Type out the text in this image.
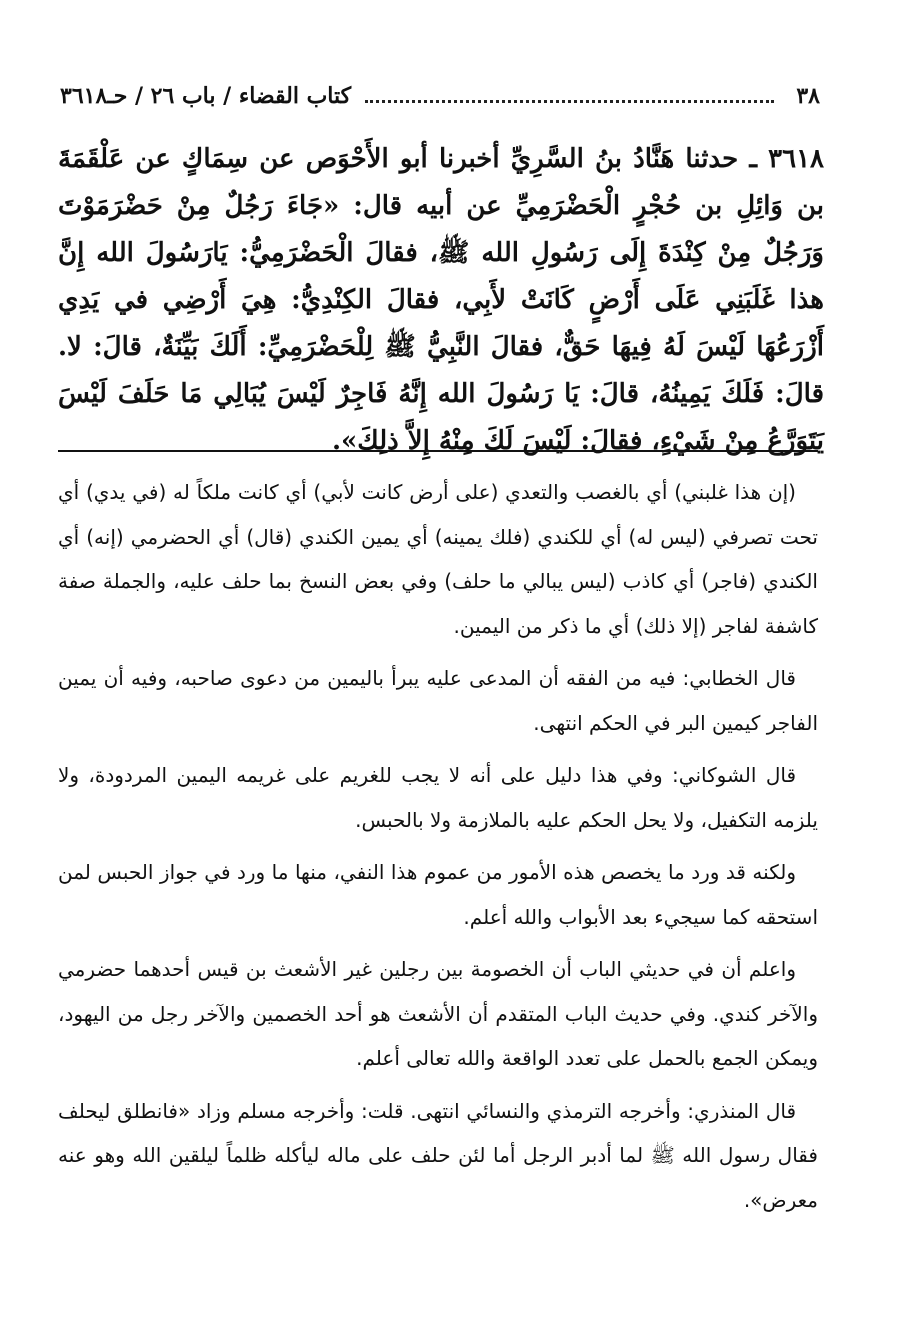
٣٨
كتاب القضاء / باب ٢٦ / حـ٣٦١٨
٣٦١٨ ـ حدثنا هَنَّادُ بنُ السَّرِيِّ أخبرنا أبو الأَحْوَص عن سِمَاكٍ عن عَلْقَمَةَ بن وَائِلِ بن حُجْرٍ الْحَضْرَمِيِّ عن أبيه قال: «جَاءَ رَجُلٌ مِنْ حَضْرَمَوْتَ وَرَجُلٌ مِنْ كِنْدَةَ إِلَى رَسُولِ الله ﷺ، فقالَ الْحَضْرَمِيُّ: يَارَسُولَ الله إِنَّ هذا غَلَبَنِي عَلَى أَرْضٍ كَانَتْ لأَبِي، فقالَ الكِنْدِيُّ: هِيَ أَرْضِي في يَدِي أَزْرَعُهَا لَيْسَ لَهُ فِيهَا حَقٌّ، فقالَ النَّبِيُّ ﷺ لِلْحَضْرَمِيِّ: أَلَكَ بَيِّنَةٌ، قالَ: لا. قالَ: فَلَكَ يَمِينُهُ، قالَ: يَا رَسُولَ الله إِنَّهُ فَاجِرٌ لَيْسَ يُبَالِي مَا حَلَفَ لَيْسَ يَتَوَرَّعُ مِنْ شَيْءٍ، فقالَ: لَيْسَ لَكَ مِنْهُ إِلاَّ ذلِكَ».

(إن هذا غلبني) أي بالغصب والتعدي (على أرض كانت لأبي) أي كانت ملكاً له (في يدي) أي تحت تصرفي (ليس له) أي للكندي (فلك يمينه) أي يمين الكندي (قال) أي الحضرمي (إنه) أي الكندي (فاجر) أي كاذب (ليس يبالي ما حلف) وفي بعض النسخ بما حلف عليه، والجملة صفة كاشفة لفاجر (إلا ذلك) أي ما ذكر من اليمين.

قال الخطابي: فيه من الفقه أن المدعى عليه يبرأ باليمين من دعوى صاحبه، وفيه أن يمين الفاجر كيمين البر في الحكم انتهى.

قال الشوكاني: وفي هذا دليل على أنه لا يجب للغريم على غريمه اليمين المردودة، ولا يلزمه التكفيل، ولا يحل الحكم عليه بالملازمة ولا بالحبس.

ولكنه قد ورد ما يخصص هذه الأمور من عموم هذا النفي، منها ما ورد في جواز الحبس لمن استحقه كما سيجيء بعد الأبواب والله أعلم.

واعلم أن في حديثي الباب أن الخصومة بين رجلين غير الأشعث بن قيس أحدهما حضرمي والآخر كندي. وفي حديث الباب المتقدم أن الأشعث هو أحد الخصمين والآخر رجل من اليهود، ويمكن الجمع بالحمل على تعدد الواقعة والله تعالى أعلم.

قال المنذري: وأخرجه الترمذي والنسائي انتهى. قلت: وأخرجه مسلم وزاد «فانطلق ليحلف فقال رسول الله ﷺ لما أدبر الرجل أما لئن حلف على ماله ليأكله ظلماً ليلقين الله وهو عنه معرض».
